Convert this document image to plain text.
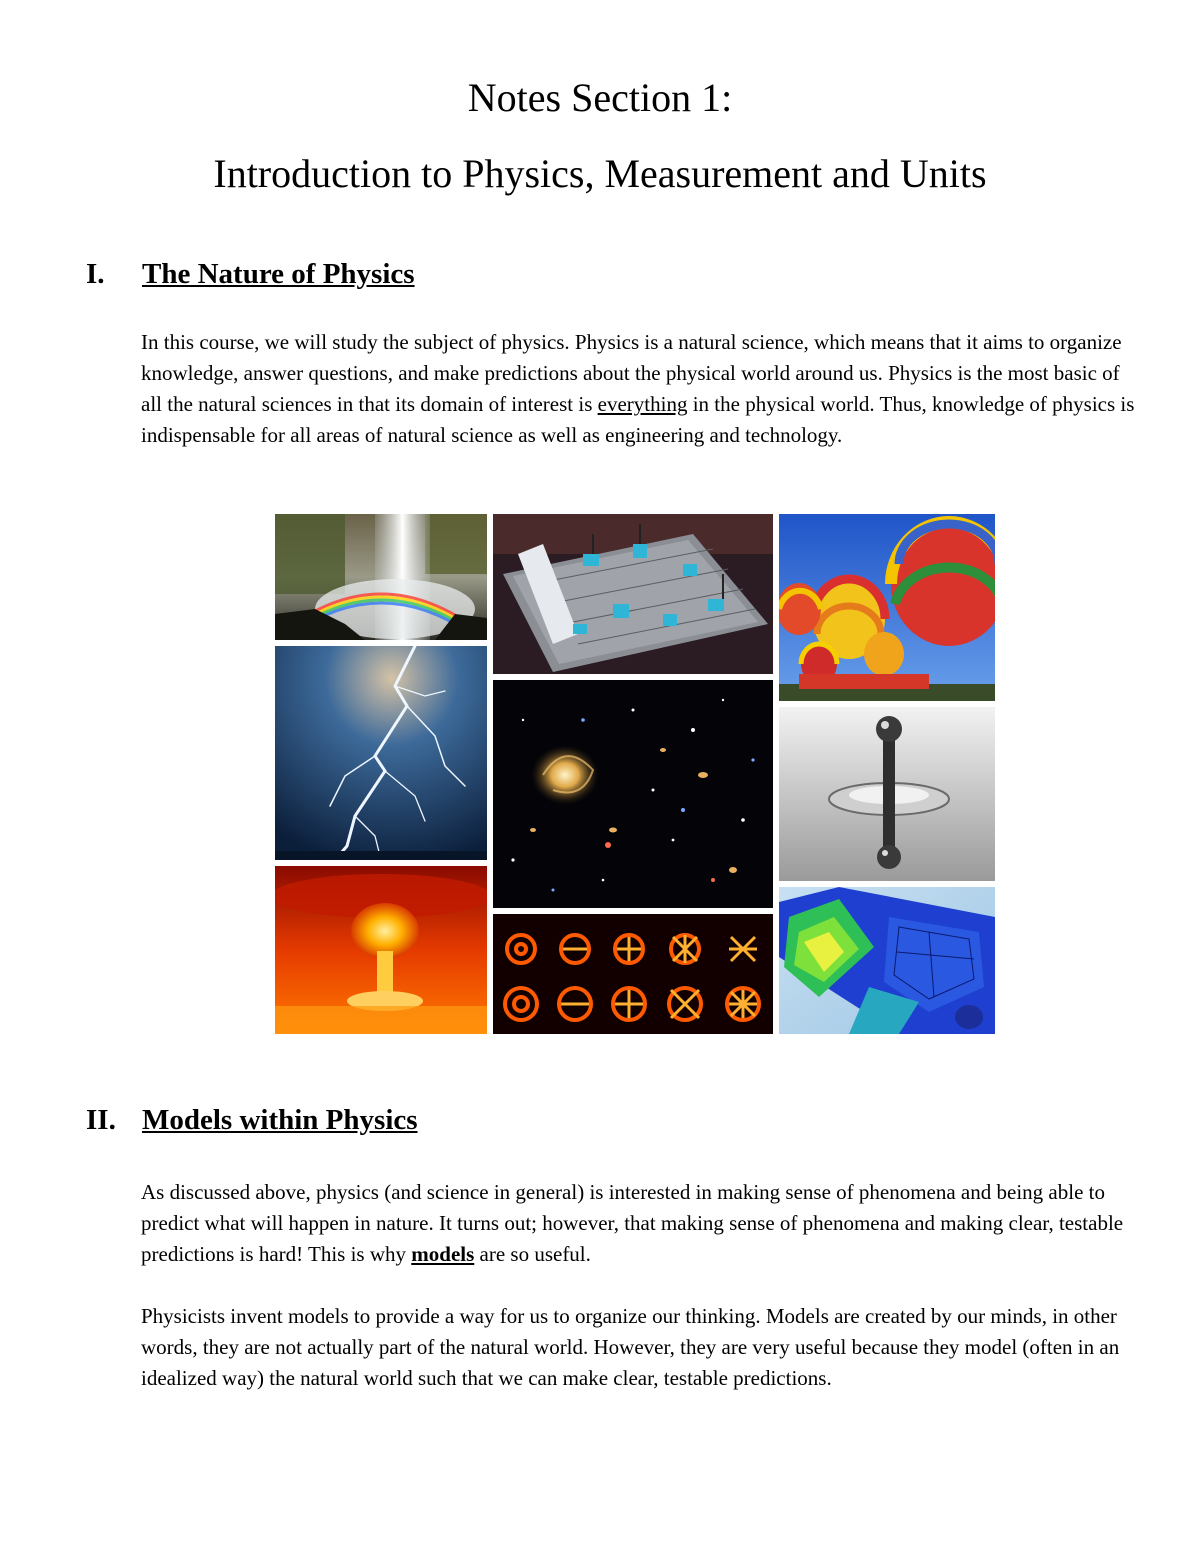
Notes Section 1:
Introduction to Physics, Measurement and Units
I. The Nature of Physics

In this course, we will study the subject of physics. Physics is a natural science, which means that it aims to organize knowledge, answer questions, and make predictions about the physical world around us. Physics is the most basic of all the natural sciences in that its domain of interest is everything in the physical world. Thus, knowledge of physics is indispensable for all areas of natural science as well as engineering and technology.

II. Models within Physics

As discussed above, physics (and science in general) is interested in making sense of phenomena and being able to predict what will happen in nature. It turns out; however, that making sense of phenomena and making clear, testable predictions is hard! This is why models are so useful.

Physicists invent models to provide a way for us to organize our thinking. Models are created by our minds, in other words, they are not actually part of the natural world. However, they are very useful because they model (often in an idealized way) the natural world such that we can make clear, testable predictions.
